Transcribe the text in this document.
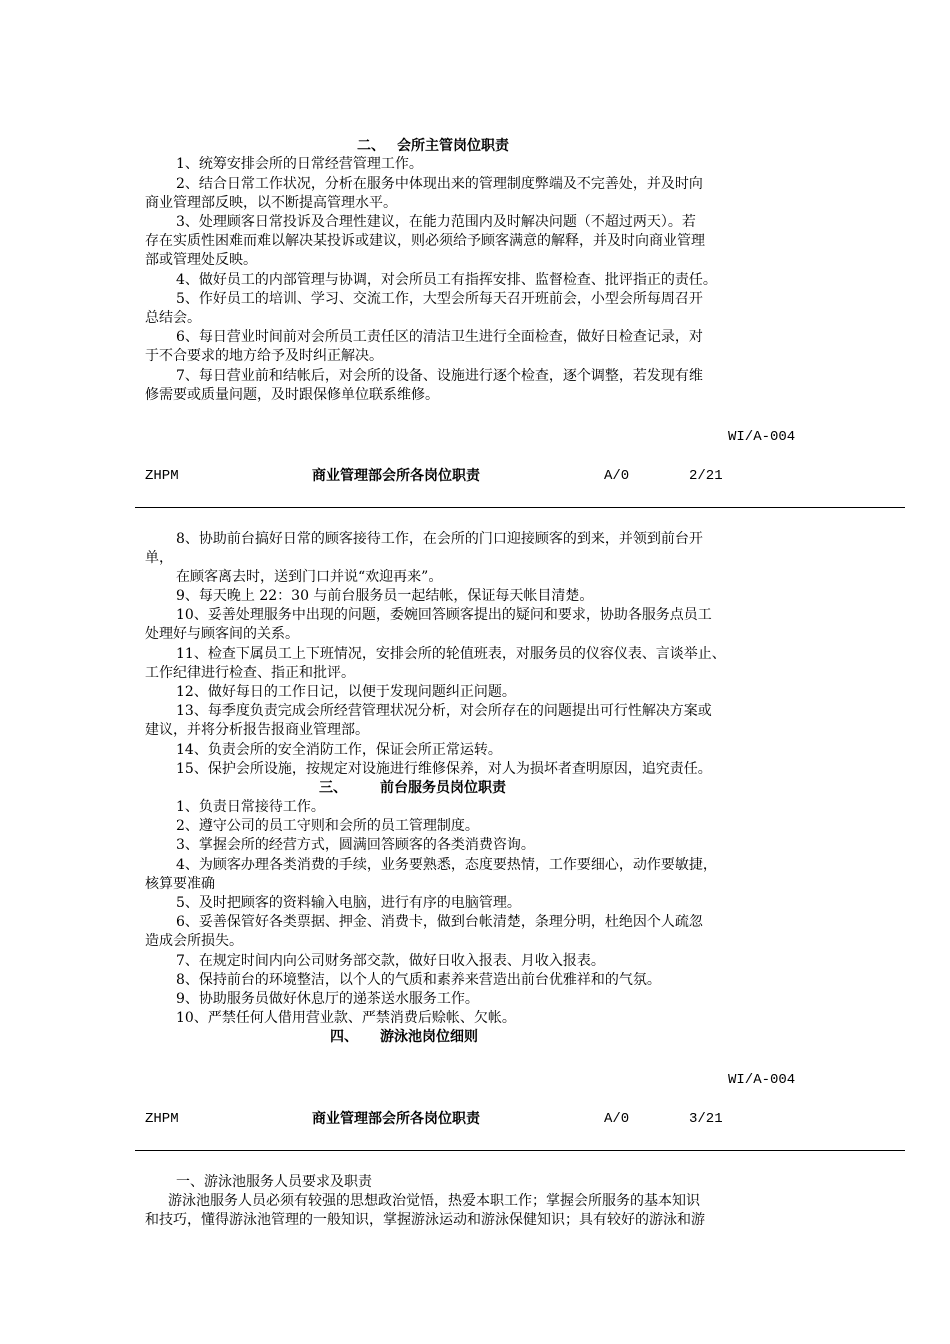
二、 会所主管岗位职责
1、统筹安排会所的日常经营管理工作。
2、结合日常工作状况，分析在服务中体现出来的管理制度弊端及不完善处，并及时向
商业管理部反映，以不断提高管理水平。
3、处理顾客日常投诉及合理性建议，在能力范围内及时解决问题（不超过两天）。若
存在实质性困难而难以解决某投诉或建议，则必须给予顾客满意的解释，并及时向商业管理
部或管理处反映。
4、做好员工的内部管理与协调，对会所员工有指挥安排、监督检查、批评指正的责任。
5、作好员工的培训、学习、交流工作，大型会所每天召开班前会，小型会所每周召开
总结会。
6、每日营业时间前对会所员工责任区的清洁卫生进行全面检查，做好日检查记录，对
于不合要求的地方给予及时纠正解决。
7、每日营业前和结帐后，对会所的设备、设施进行逐个检查，逐个调整，若发现有维
修需要或质量问题，及时跟保修单位联系维修。
WI/A-004
ZHPM	商业管理部会所各岗位职责	A/0	2/21
8、协助前台搞好日常的顾客接待工作，在会所的门口迎接顾客的到来，并领到前台开
单，
在顾客离去时，送到门口并说“欢迎再来”。
9、每天晚上 22：30 与前台服务员一起结帐，保证每天帐目清楚。
10、妥善处理服务中出现的问题，委婉回答顾客提出的疑问和要求，协助各服务点员工
处理好与顾客间的关系。
11、检查下属员工上下班情况，安排会所的轮值班表，对服务员的仪容仪表、言谈举止、
工作纪律进行检查、指正和批评。
12、做好每日的工作日记，以便于发现问题纠正问题。
13、每季度负责完成会所经营管理状况分析，对会所存在的问题提出可行性解决方案或
建议，并将分析报告报商业管理部。
14、负责会所的安全消防工作，保证会所正常运转。
15、保护会所设施，按规定对设施进行维修保养，对人为损坏者查明原因，追究责任。
三、 前台服务员岗位职责
1、负责日常接待工作。
2、遵守公司的员工守则和会所的员工管理制度。
3、掌握会所的经营方式，圆满回答顾客的各类消费咨询。
4、为顾客办理各类消费的手续，业务要熟悉，态度要热情，工作要细心，动作要敏捷，
核算要准确
5、及时把顾客的资料输入电脑，进行有序的电脑管理。
6、妥善保管好各类票据、押金、消费卡，做到台帐清楚，条理分明，杜绝因个人疏忽
造成会所损失。
7、在规定时间内向公司财务部交款，做好日收入报表、月收入报表。
8、保持前台的环境整洁，以个人的气质和素养来营造出前台优雅祥和的气氛。
9、协助服务员做好休息厅的递茶送水服务工作。
10、严禁任何人借用营业款、严禁消费后赊帐、欠帐。
四、 游泳池岗位细则
WI/A-004
ZHPM	商业管理部会所各岗位职责	A/0	3/21
一、游泳池服务人员要求及职责
游泳池服务人员必须有较强的思想政治觉悟，热爱本职工作；掌握会所服务的基本知识
和技巧，懂得游泳池管理的一般知识，掌握游泳运动和游泳保健知识；具有较好的游泳和游
